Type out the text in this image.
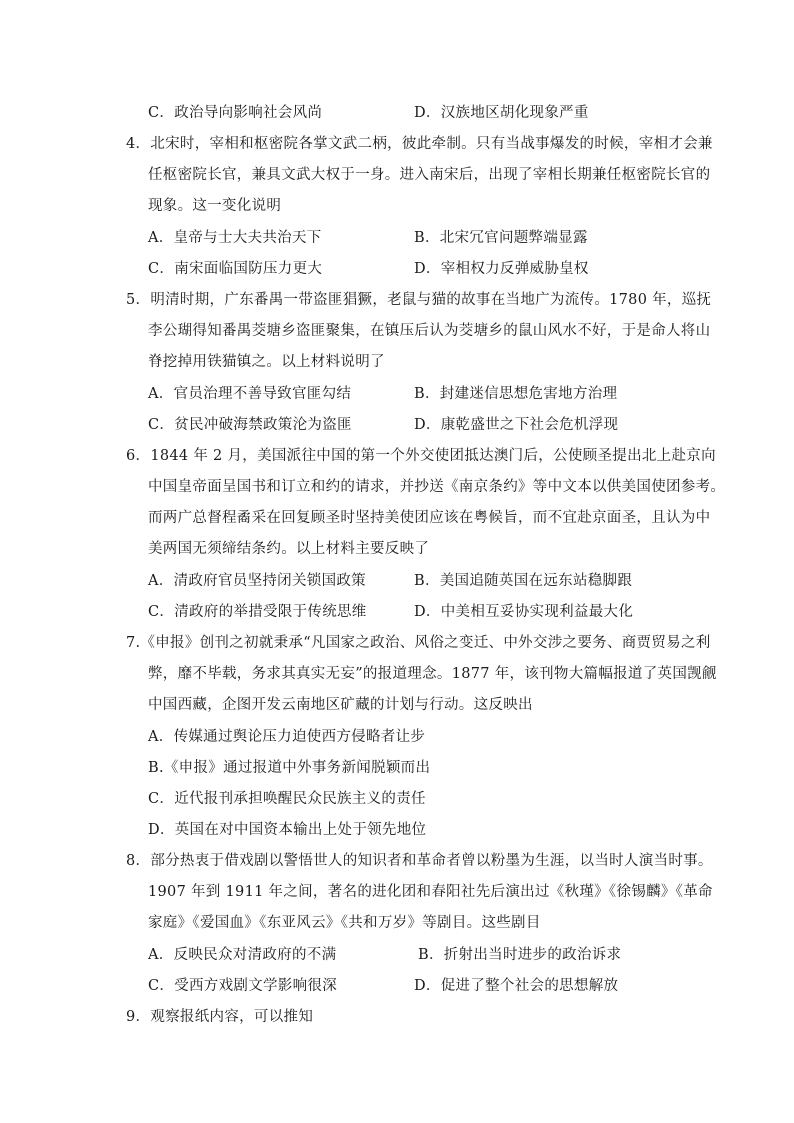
C．政治导向影响社会风尚	D．汉族地区胡化现象严重
4．北宋时，宰相和枢密院各掌文武二柄，彼此牵制。只有当战事爆发的时候，宰相才会兼
任枢密院长官，兼具文武大权于一身。进入南宋后，出现了宰相长期兼任枢密院长官的
现象。这一变化说明
A．皇帝与士大夫共治天下	B．北宋冗官问题弊端显露
C．南宋面临国防压力更大	D．宰相权力反弹威胁皇权
5．明清时期，广东番禺一带盗匪猖獗，老鼠与猫的故事在当地广为流传。1780 年，巡抚
李公瑚得知番禺茭塘乡盗匪聚集，在镇压后认为茭塘乡的鼠山风水不好，于是命人将山
脊挖掉用铁猫镇之。以上材料说明了
A．官员治理不善导致官匪勾结	B．封建迷信思想危害地方治理
C．贫民冲破海禁政策沦为盗匪	D．康乾盛世之下社会危机浮现
6．1844 年 2 月，美国派往中国的第一个外交使团抵达澳门后，公使顾圣提出北上赴京向
中国皇帝面呈国书和订立和约的请求，并抄送《南京条约》等中文本以供美国使团参考。
而两广总督程矞采在回复顾圣时坚持美使团应该在粤候旨，而不宜赴京面圣，且认为中
美两国无须缔结条约。以上材料主要反映了
A．清政府官员坚持闭关锁国政策	B．美国追随英国在远东站稳脚跟
C．清政府的举措受限于传统思维	D．中美相互妥协实现利益最大化
7.《申报》创刊之初就秉承“凡国家之政治、风俗之变迁、中外交涉之要务、商贾贸易之利
弊，靡不毕载，务求其真实无妄”的报道理念。1877 年，该刊物大篇幅报道了英国觊觎
中国西藏，企图开发云南地区矿藏的计划与行动。这反映出
A．传媒通过舆论压力迫使西方侵略者让步
B.《申报》通过报道中外事务新闻脱颖而出
C．近代报刊承担唤醒民众民族主义的责任
D．英国在对中国资本输出上处于领先地位
8．部分热衷于借戏剧以警悟世人的知识者和革命者曾以粉墨为生涯，以当时人演当时事。
1907 年到 1911 年之间，著名的进化团和春阳社先后演出过《秋瑾》《徐锡麟》《革命
家庭》《爱国血》《东亚风云》《共和万岁》等剧目。这些剧目
A．反映民众对清政府的不满	B．折射出当时进步的政治诉求
C．受西方戏剧文学影响很深	D．促进了整个社会的思想解放
9．观察报纸内容，可以推知
